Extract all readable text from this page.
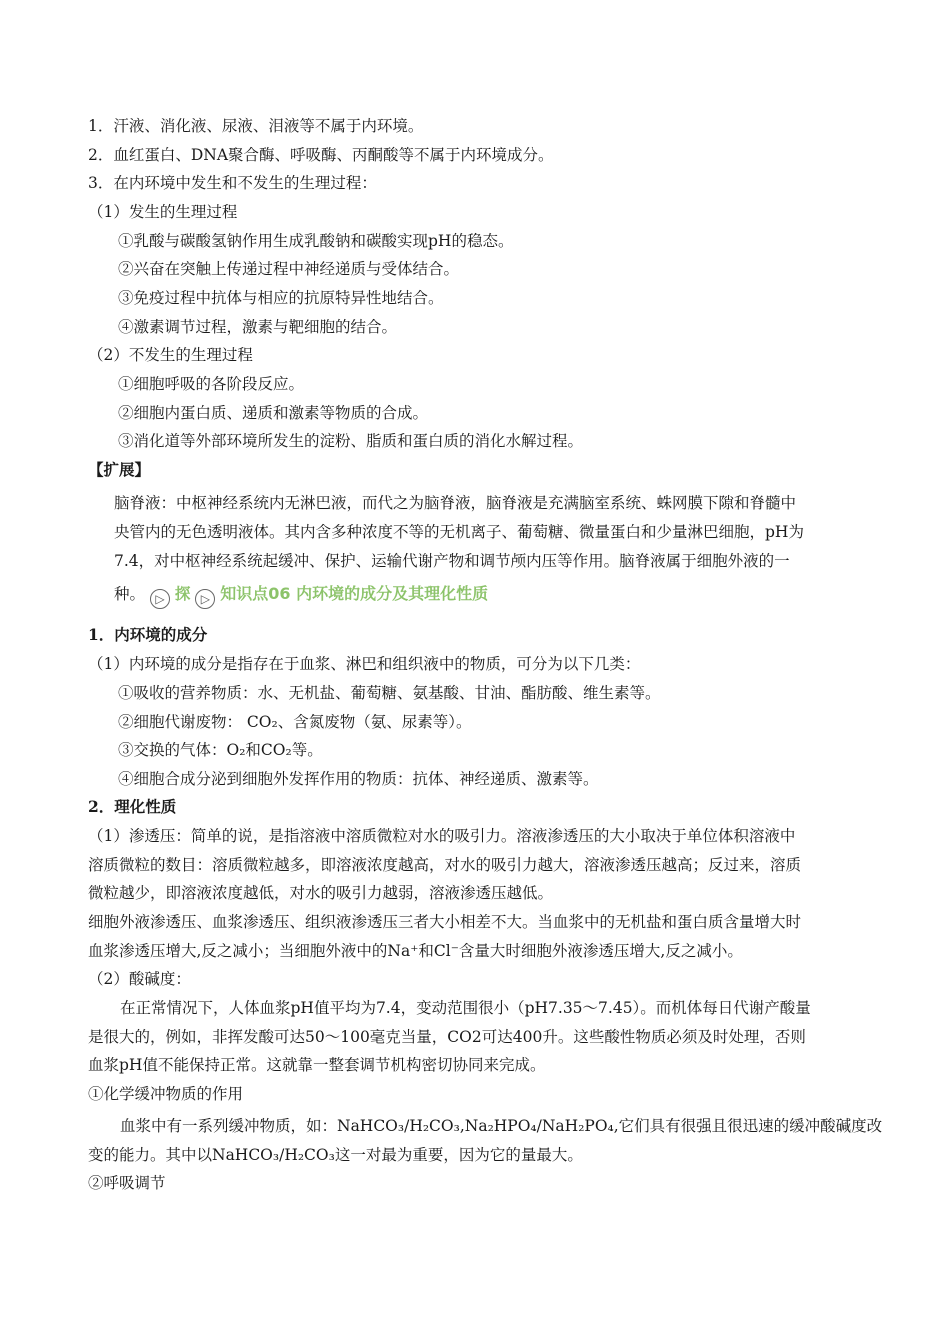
1．汗液、消化液、尿液、泪液等不属于内环境。
2．血红蛋白、DNA聚合酶、呼吸酶、丙酮酸等不属于内环境成分。
3．在内环境中发生和不发生的生理过程：
（1）发生的生理过程
①乳酸与碳酸氢钠作用生成乳酸钠和碳酸实现pH的稳态。
②兴奋在突触上传递过程中神经递质与受体结合。
③免疫过程中抗体与相应的抗原特异性地结合。
④激素调节过程，激素与靶细胞的结合。
（2）不发生的生理过程
①细胞呼吸的各阶段反应。
②细胞内蛋白质、递质和激素等物质的合成。
③消化道等外部环境所发生的淀粉、脂质和蛋白质的消化水解过程。
【扩展】
脑脊液：中枢神经系统内无淋巴液，而代之为脑脊液，脑脊液是充满脑室系统、蛛网膜下隙和脊髓中
央管内的无色透明液体。其内含多种浓度不等的无机离子、葡萄糖、微量蛋白和少量淋巴细胞，pH为
7.4，对中枢神经系统起缓冲、保护、运输代谢产物和调节颅内压等作用。脑脊液属于细胞外液的一
种。 ▷ 探 ▷ 知识点06 内环境的成分及其理化性质
1．内环境的成分
（1）内环境的成分是指存在于血浆、淋巴和组织液中的物质，可分为以下几类：
①吸收的营养物质：水、无机盐、葡萄糖、氨基酸、甘油、酯肪酸、维生素等。
②细胞代谢废物： CO₂、含氮废物（氨、尿素等）。
③交换的气体：O₂和CO₂等。
④细胞合成分泌到细胞外发挥作用的物质：抗体、神经递质、激素等。
2．理化性质
（1）渗透压：简单的说，是指溶液中溶质微粒对水的吸引力。溶液渗透压的大小取决于单位体积溶液中
溶质微粒的数目：溶质微粒越多，即溶液浓度越高，对水的吸引力越大，溶液渗透压越高；反过来，溶质
微粒越少，即溶液浓度越低，对水的吸引力越弱，溶液渗透压越低。
细胞外液渗透压、血浆渗透压、组织液渗透压三者大小相差不大。当血浆中的无机盐和蛋白质含量增大时
血浆渗透压增大,反之减小；当细胞外液中的Na⁺和Cl⁻含量大时细胞外液渗透压增大,反之减小。
（2）酸碱度：
在正常情况下，人体血浆pH值平均为7.4，变动范围很小（pH7.35～7.45）。而机体每日代谢产酸量
是很大的，例如，非挥发酸可达50～100毫克当量，CO2可达400升。这些酸性物质必须及时处理，否则
血浆pH值不能保持正常。这就靠一整套调节机构密切协同来完成。
①化学缓冲物质的作用
血浆中有一系列缓冲物质，如：NaHCO₃/H₂CO₃,Na₂HPO₄/NaH₂PO₄,它们具有很强且很迅速的缓冲酸碱度改
变的能力。其中以NaHCO₃/H₂CO₃这一对最为重要，因为它的量最大。
②呼吸调节
